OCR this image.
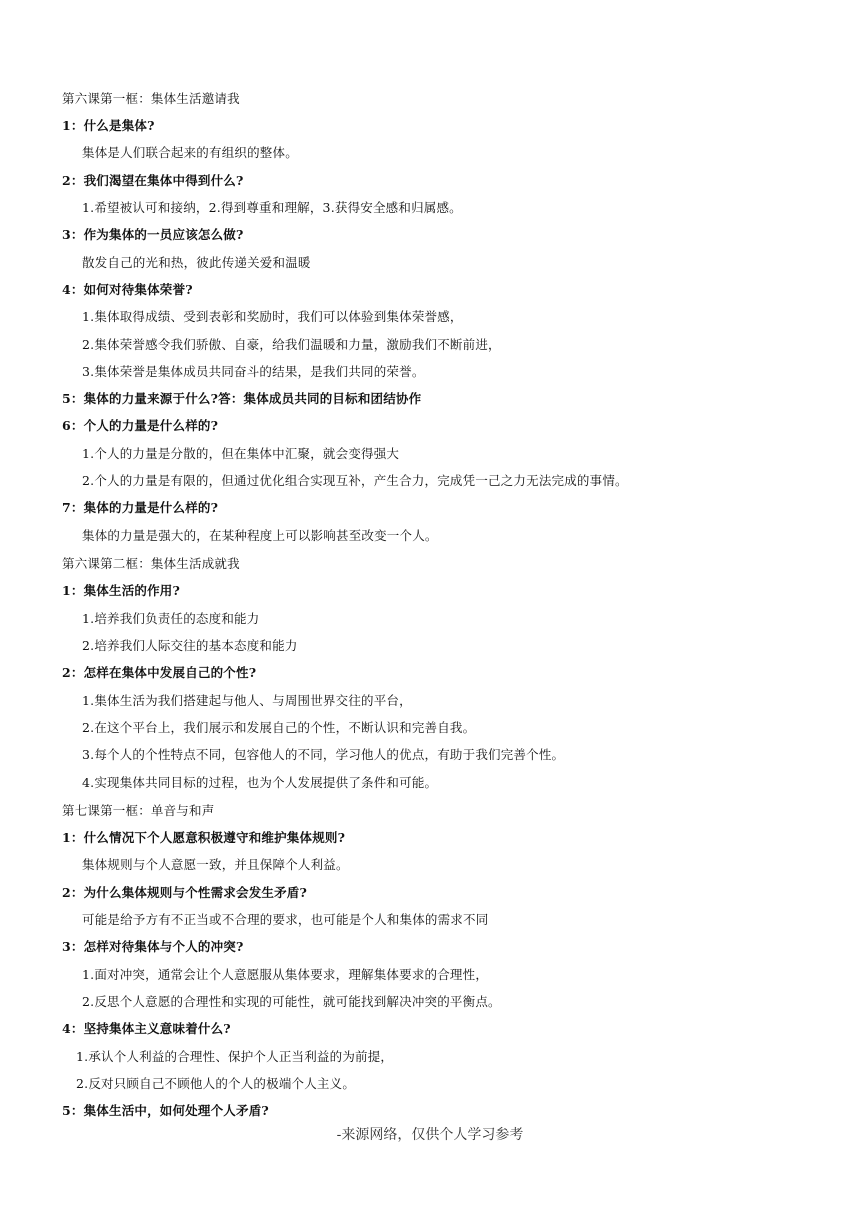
第六课第一框：集体生活邀请我
1：什么是集体?
集体是人们联合起来的有组织的整体。
2：我们渴望在集体中得到什么?
1.希望被认可和接纳，2.得到尊重和理解，3.获得安全感和归属感。
3：作为集体的一员应该怎么做?
散发自己的光和热，彼此传递关爱和温暖
4：如何对待集体荣誉?
1.集体取得成绩、受到表彰和奖励时，我们可以体验到集体荣誉感，
2.集体荣誉感令我们骄傲、自豪，给我们温暖和力量，激励我们不断前进，
3.集体荣誉是集体成员共同奋斗的结果，是我们共同的荣誉。
5：集体的力量来源于什么?答：集体成员共同的目标和团结协作
6：个人的力量是什么样的?
1.个人的力量是分散的，但在集体中汇聚，就会变得强大
2.个人的力量是有限的，但通过优化组合实现互补，产生合力，完成凭一己之力无法完成的事情。
7：集体的力量是什么样的?
集体的力量是强大的，在某种程度上可以影响甚至改变一个人。
第六课第二框：集体生活成就我
1：集体生活的作用?
1.培养我们负责任的态度和能力
2.培养我们人际交往的基本态度和能力
2：怎样在集体中发展自己的个性?
1.集体生活为我们搭建起与他人、与周围世界交往的平台，
2.在这个平台上，我们展示和发展自己的个性，不断认识和完善自我。
3.每个人的个性特点不同，包容他人的不同，学习他人的优点，有助于我们完善个性。
4.实现集体共同目标的过程，也为个人发展提供了条件和可能。
第七课第一框：单音与和声
1：什么情况下个人愿意积极遵守和维护集体规则?
集体规则与个人意愿一致，并且保障个人利益。
2：为什么集体规则与个性需求会发生矛盾?
可能是给予方有不正当或不合理的要求，也可能是个人和集体的需求不同
3：怎样对待集体与个人的冲突?
1.面对冲突，通常会让个人意愿服从集体要求，理解集体要求的合理性，
2.反思个人意愿的合理性和实现的可能性，就可能找到解决冲突的平衡点。
4：坚持集体主义意味着什么?
1.承认个人利益的合理性、保护个人正当利益的为前提，
2.反对只顾自己不顾他人的个人的极端个人主义。
5：集体生活中，如何处理个人矛盾?
-来源网络，仅供个人学习参考
